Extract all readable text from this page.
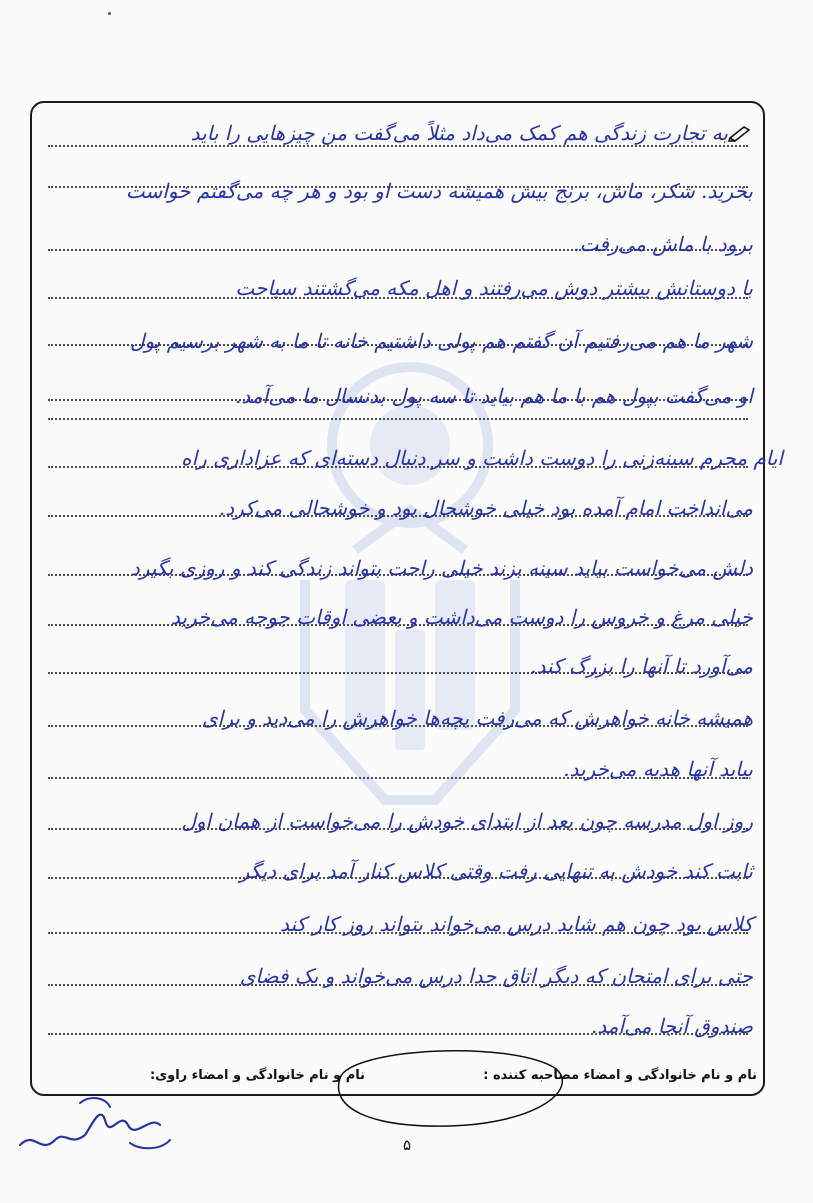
به تجارت زندگی هم کمک می‌داد مثلاً می‌گفت من چیزهایی را باید
بخرید. شکر، ماش، برنج بیش همیشه دست او بود و هر چه می‌گفتم خواست
برود با ماش می‌رفت.
با دوستانش بیشتر دوش می‌رفتند و اهل مکه می‌گشتند سیاحت
شهر ما هم می‌رفتیم آن گفتم هم پولی داشتیم خانه تا ما به شهر برسیم پول
او می‌گفت بپول هم با ما هم بیاید تا سه پول بدنسال ما می‌آمد.
ایام محرم سینه‌زنی را دوست داشت و سر دنبال دسته‌ای که عزاداری راه
می‌انداخت امام آمده بود خیلی خوشحال بود و خوشحالی می‌کرد.
دلش می‌خواست بیاید سینه بزند خیلی راحت بتواند زندگی کند و روزی بگیرد
خیلی مرغ و خروس را دوست می‌داشت و بعضی اوقات جوجه می‌خرید
می‌آورد تا آنها را بزرگ کند.
همیشه خانه خواهرش که می‌رفت بچه‌ها خواهرش را می‌دید و برای
بیاید آنها هدیه می‌خرید.
روز اول مدرسه چون بعد از ابتدای خودش را می‌خواست از همان اول
ثابت کند خودش به تنهایی رفت وقتی کلاس کنار آمد برای دیگر
کلاس بود چون هم شاید درس می‌خواند بتواند روز کار کند
حتی برای امتحان که دیگر اتاق جدا درس می‌خواند و یک فضای
صندوق آنجا می‌آمد.
نام و نام خانوادگی و امضاء مصاحبه کننده :
نام و نام خانوادگی و امضاء راوی:
۵
